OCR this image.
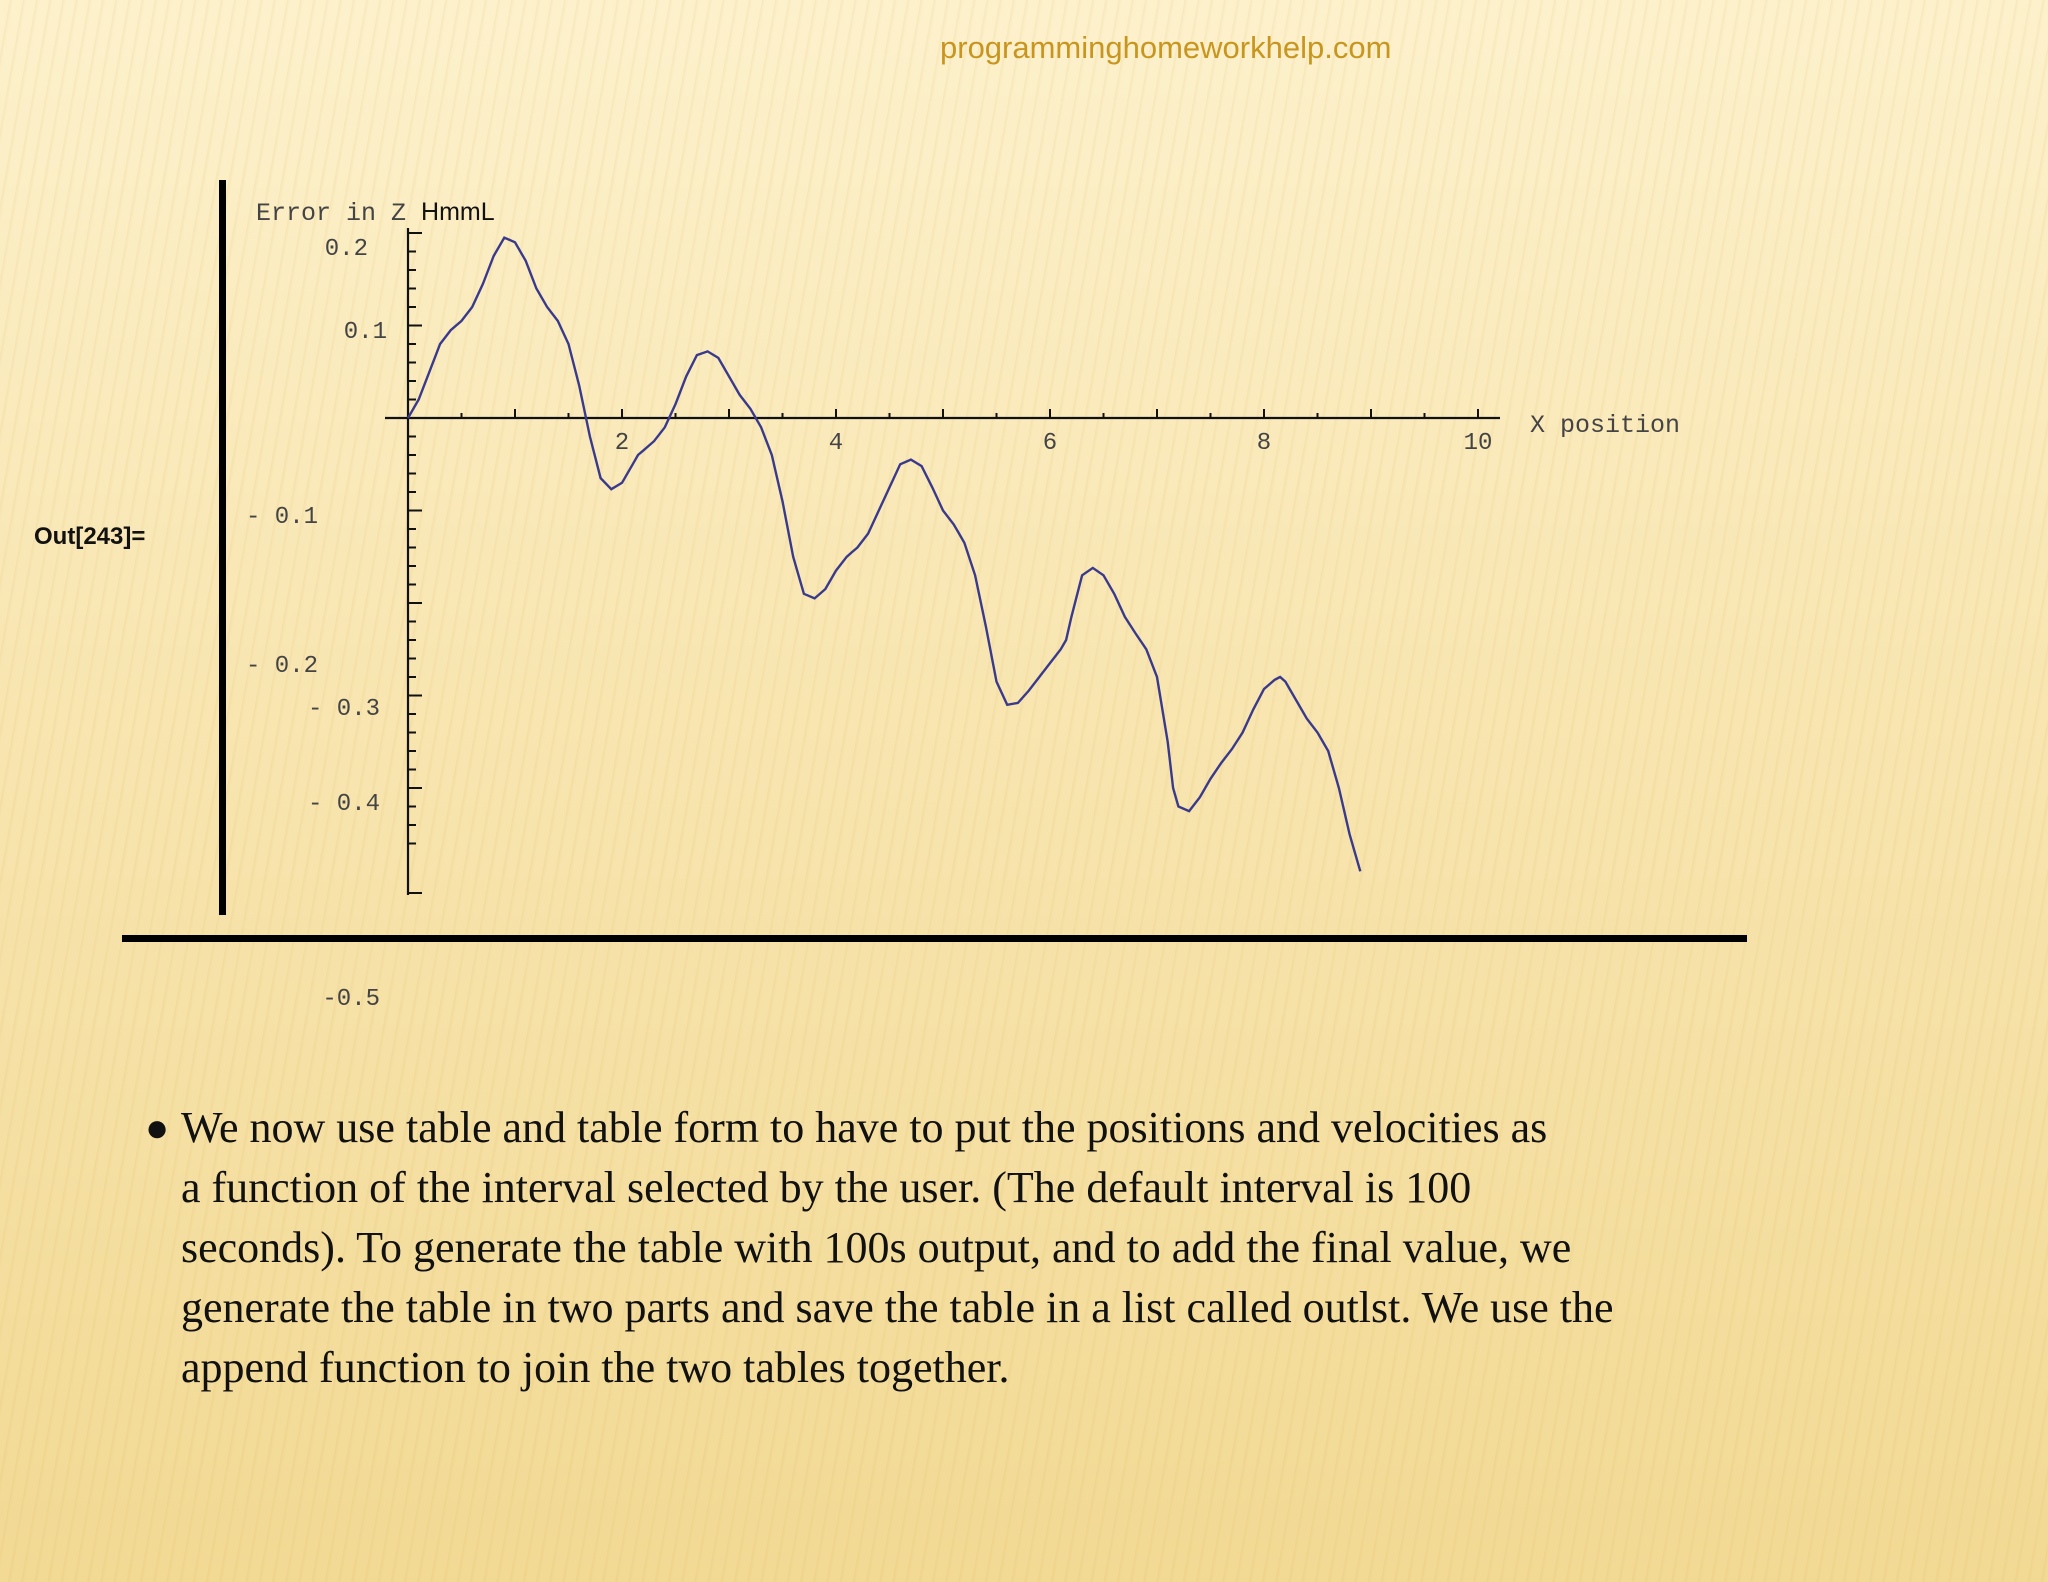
programminghomeworkhelp.com
Out[243]=
Error in Z HmmL
2	4	6	8	10
0.2
0.1
- 0.1
- 0.2
- 0.3
- 0.4
-0.5
X position
● We now use table and table form to have to put the positions and velocities as
a function of the interval selected by the user. (The default interval is 100
seconds). To generate the table with 100s output, and to add the final value, we
generate the table in two parts and save the table in a list called outlst. We use the
append function to join the two tables together.
